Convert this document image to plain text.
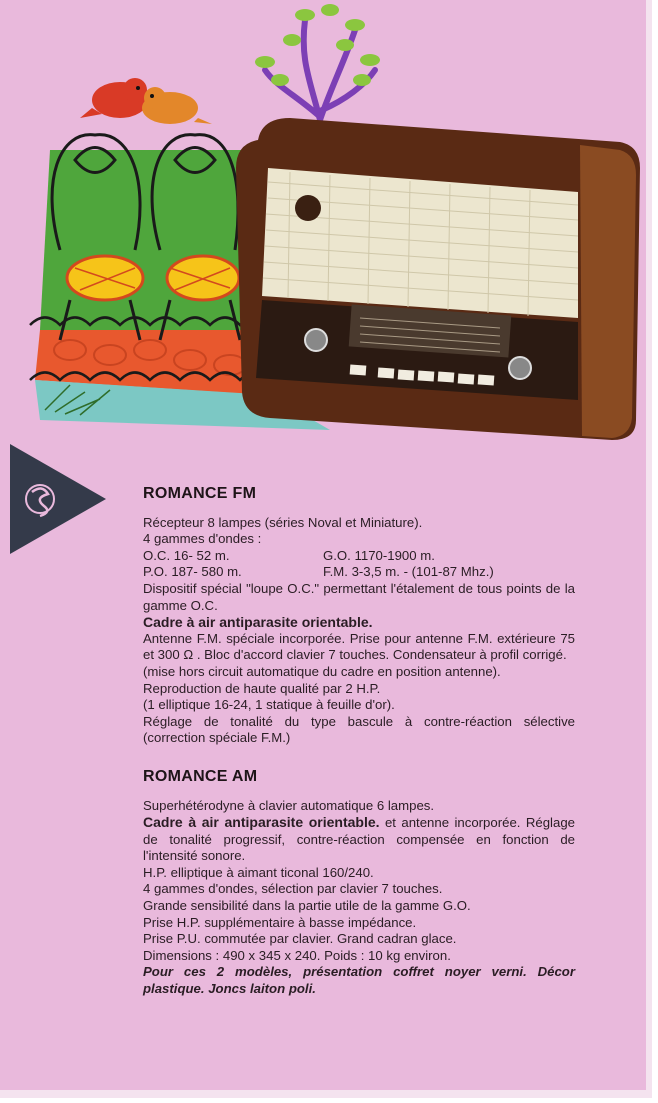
ROMANCE FM

Récepteur 8 lampes (séries Noval et Miniature).

4 gammes d'ondes :

O.C. 16- 52 m.	G.O. 1170-1900 m.
P.O. 187- 580 m.	F.M. 3-3,5 m. - (101-87 Mhz.)

Dispositif spécial "loupe O.C." permettant l'étalement de tous points de la gamme O.C.

Cadre à air antiparasite orientable.

Antenne F.M. spéciale incorporée. Prise pour antenne F.M. extérieure 75 et 300 Ω . Bloc d'accord clavier 7 touches. Condensateur à profil corrigé.

(mise hors circuit automatique du cadre en position antenne).

Reproduction de haute qualité par 2 H.P.

(1 elliptique 16-24, 1 statique à feuille d'or).

Réglage de tonalité du type bascule à contre-réaction sélective (correction spéciale F.M.)

ROMANCE AM

Superhétérodyne à clavier automatique 6 lampes.

Cadre à air antiparasite orientable. et antenne incorporée. Réglage de tonalité progressif, contre-réaction compensée en fonction de l'intensité sonore.

H.P. elliptique à aimant ticonal 160/240.

4 gammes d'ondes, sélection par clavier 7 touches.

Grande sensibilité dans la partie utile de la gamme G.O.

Prise H.P. supplémentaire à basse impédance.

Prise P.U. commutée par clavier. Grand cadran glace.

Dimensions : 490 x 345 x 240. Poids : 10 kg environ.

Pour ces 2 modèles, présentation coffret noyer verni. Décor plastique. Joncs laiton poli.
